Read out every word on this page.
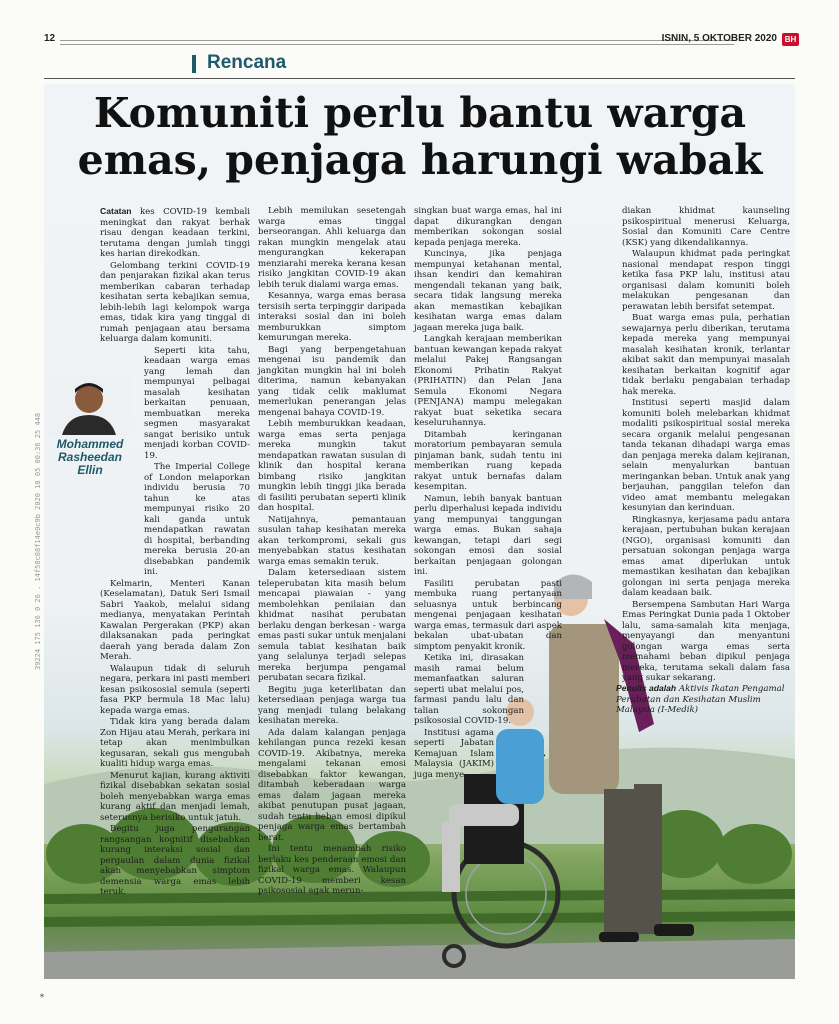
12	ISNIN, 5 OKTOBER 2020 BH
Rencana
Komuniti perlu bantu warga
emas, penjaga harungi wabak
39224 175 136 0 26 . 14f58c88f14e0c9b 2020 10 05 00:36 25 448

Catatan kes COVID-19 kembali meningkat dan rakyat berhak risau dengan keadaan terkini, terutama dengan jumlah tinggi kes harian direkodkan.

Gelombang terkini COVID-19 dan penjarakan fizikal akan terus memberikan cabaran terhadap kesihatan serta kebajikan semua, lebih-lebih lagi kelompok warga emas, tidak kira yang tinggal di rumah penjagaan atau bersama keluarga dalam komuniti.

Seperti kita tahu, keadaan warga emas yang lemah dan mempunyai pelbagai masalah kesihatan berkaitan penuaan, membuatkan mereka segmen masyarakat sangat berisiko untuk menjadi korban COVID-19.

The Imperial College of London melaporkan individu berusia 70 tahun ke atas mempunyai risiko 20 kali ganda untuk mendapatkan rawatan di hospital, berbanding mereka berusia 20-an disebabkan pandemik ini.

Kelmarin, Menteri Kanan (Keselamatan), Datuk Seri Ismail Sabri Yaakob, melalui sidang medianya, menyatakan Perintah Kawalan Pergerakan (PKP) akan dilaksanakan pada peringkat daerah yang berada dalam Zon Merah.

Walaupun tidak di seluruh negara, perkara ini pasti memberi kesan psikososial semula (seperti fasa PKP bermula 18 Mac lalu) kepada warga emas.

Tidak kira yang berada dalam Zon Hijau atau Merah, perkara ini tetap akan menimbulkan kegusaran, sekali gus mengubah kualiti hidup warga emas.

Menurut kajian, kurang aktiviti fizikal disebabkan sekatan sosial boleh menyebabkan warga emas kurang aktif dan menjadi lemah, seterusnya berisiko untuk jatuh.

Begitu juga pengurangan rangsangan kognitif disebabkan kurang interaksi sosial dan pergaulan dalam dunia fizikal akan menyebabkan simptom demensia warga emas lebih teruk.

Mohammed Rasheedan Ellin

Lebih memilukan sesetengah warga emas tinggal berseorangan. Ahli keluarga dan rakan mungkin mengelak atau mengurangkan kekerapan menziarahi mereka kerana kesan risiko jangkitan COVID-19 akan lebih teruk dialami warga emas.

Kesannya, warga emas berasa tersisih serta terpinggir daripada interaksi sosial dan ini boleh memburukkan simptom kemurungan mereka.

Bagi yang berpengetahuan mengenai isu pandemik dan jangkitan mungkin hal ini boleh diterima, namun kebanyakan yang tidak celik maklumat memerlukan penerangan jelas mengenai bahaya COVID-19.

Lebih memburukkan keadaan, warga emas serta penjaga mereka mungkin takut mendapatkan rawatan susulan di klinik dan hospital kerana bimbang risiko jangkitan mungkin lebih tinggi jika berada di fasiliti perubatan seperti klinik dan hospital.

Natijahnya, pemantauan susulan tahap kesihatan mereka akan terkompromi, sekali gus menyebabkan status kesihatan warga emas semakin teruk.

Dalam ketersediaan sistem teleperubatan kita masih belum mencapai piawaian - yang membolehkan penilaian dan khidmat nasihat perubatan berlaku dengan berkesan - warga emas pasti sukar untuk menjalani semula tabiat kesihatan baik yang selalunya terjadi selepas mereka berjumpa pengamal perubatan secara fizikal.

Begitu juga keterlibatan dan ketersediaan penjaga warga tua yang menjadi tulang belakang kesihatan mereka.

Ada dalam kalangan penjaga kehilangan punca rezeki kesan COVID-19. Akibatnya, mereka mengalami tekanan emosi disebabkan faktor kewangan, ditambah keberadaan warga emas dalam jagaan mereka akibat penutupan pusat jagaan, sudah tentu beban emosi dipikul penjaga warga emas bertambah berat.

Ini tentu menambah risiko berlaku kes penderaan emosi dan fizikal warga emas. Walaupun COVID-19 memberi kesan psikososial agak merun-

singkan buat warga emas, hal ini dapat dikurangkan dengan memberikan sokongan sosial kepada penjaga mereka.

Kuncinya, jika penjaga mempunyai ketahanan mental, ihsan kendiri dan kemahiran mengendali tekanan yang baik, secara tidak langsung mereka akan memastikan kebajikan kesihatan warga emas dalam jagaan mereka juga baik.

Langkah kerajaan memberikan bantuan kewangan kepada rakyat melalui Pakej Rangsangan Ekonomi Prihatin Rakyat (PRIHATIN) dan Pelan Jana Semula Ekonomi Negara (PENJANA) mampu melegakan rakyat buat seketika secara keseluruhannya.

Ditambah keringanan moratorium pembayaran semula pinjaman bank, sudah tentu ini memberikan ruang kepada rakyat untuk bernafas dalam kesempitan.

Namun, lebih banyak bantuan perlu diperhalusi kepada individu yang mempunyai tanggungan warga emas. Bukan sahaja kewangan, tetapi dari segi sokongan emosi dan sosial berkaitan penjagaan golongan ini.

Fasiliti perubatan pasti membuka ruang pertanyaan seluasnya untuk berbincang mengenai penjagaan kesihatan warga emas, termasuk dari aspek bekalan ubat-ubatan dan simptom penyakit kronik.

Ketika ini, dirasakan masih ramai belum memanfaatkan saluran seperti ubat melalui pos, farmasi pandu lalu dan talian sokongan psikososial COVID-19.

Institusi agama seperti Jabatan Kemajuan Islam Malaysia (JAKIM) juga menye-

diakan khidmat kaunseling psikospiritual menerusi Keluarga, Sosial dan Komuniti Care Centre (KSK) yang dikendalikannya.

Walaupun khidmat pada peringkat nasional mendapat respon tinggi ketika fasa PKP lalu, institusi atau organisasi dalam komuniti boleh melakukan pengesanan dan perawatan lebih bersifat setempat.

Buat warga emas pula, perhatian sewajarnya perlu diberikan, terutama kepada mereka yang mempunyai masalah kesihatan kronik, terlantar akibat sakit dan mempunyai masalah kesihatan berkaitan kognitif agar tidak berlaku pengabaian terhadap hak mereka.

Institusi seperti masjid dalam komuniti boleh melebarkan khidmat modaliti psikospiritual sosial mereka secara organik melalui pengesanan tanda tekanan dihadapi warga emas dan penjaga mereka dalam kejiranan, selain menyalurkan bantuan meringankan beban. Untuk anak yang berjauhan, panggilan telefon dan video amat membantu melegakan kesunyian dan kerinduan.

Ringkasnya, kerjasama padu antara kerajaan, pertubuhan bukan kerajaan (NGO), organisasi komuniti dan persatuan sokongan penjaga warga emas amat diperlukan untuk memastikan kesihatan dan kebajikan golongan ini serta penjaga mereka dalam keadaan baik.

Bersempena Sambutan Hari Warga Emas Peringkat Dunia pada 1 Oktober lalu, sama-samalah kita menjaga, menyayangi dan menyantuni golongan warga emas serta memahami beban dipikul penjaga mereka, terutama sekali dalam fasa yang sukar sekarang.

Penulis adalah Aktivis Ikatan Pengamal Perubatan dan Kesihatan Muslim Malaysia (I-Medik)
*
